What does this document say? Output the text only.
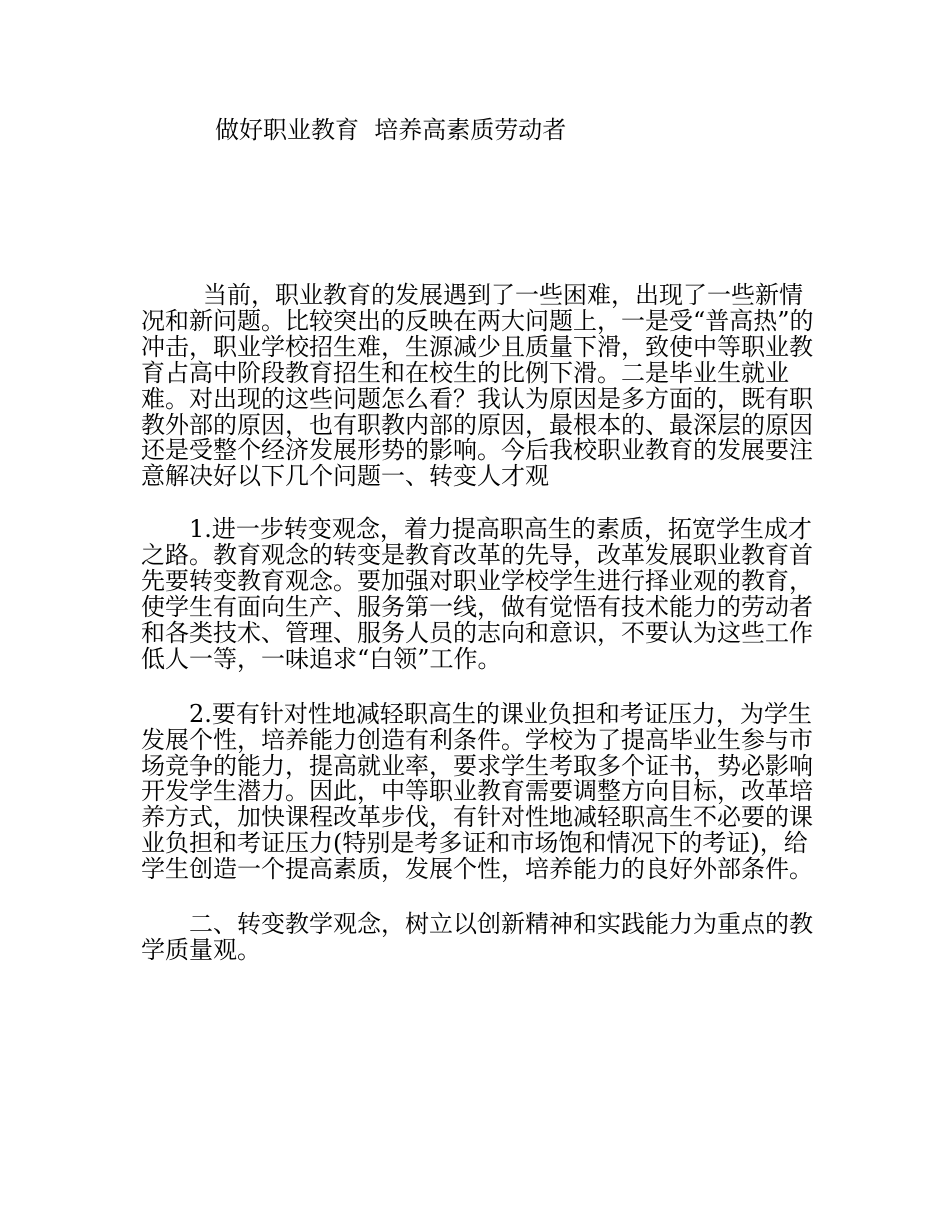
做好职业教育  培养高素质劳动者

当前，职业教育的发展遇到了一些困难，出现了一些新情况和新问题。比较突出的反映在两大问题上，一是受“普高热”的冲击，职业学校招生难，生源减少且质量下滑，致使中等职业教育占高中阶段教育招生和在校生的比例下滑。二是毕业生就业难。对出现的这些问题怎么看？我认为原因是多方面的，既有职教外部的原因，也有职教内部的原因，最根本的、最深层的原因还是受整个经济发展形势的影响。今后我校职业教育的发展要注意解决好以下几个问题一、转变人才观

1.进一步转变观念，着力提高职高生的素质，拓宽学生成才之路。教育观念的转变是教育改革的先导，改革发展职业教育首先要转变教育观念。要加强对职业学校学生进行择业观的教育，使学生有面向生产、服务第一线，做有觉悟有技术能力的劳动者和各类技术、管理、服务人员的志向和意识，不要认为这些工作低人一等，一味追求“白领”工作。

2.要有针对性地减轻职高生的课业负担和考证压力，为学生发展个性，培养能力创造有利条件。学校为了提高毕业生参与市场竞争的能力，提高就业率，要求学生考取多个证书，势必影响开发学生潜力。因此，中等职业教育需要调整方向目标，改革培养方式，加快课程改革步伐，有针对性地减轻职高生不必要的课业负担和考证压力(特别是考多证和市场饱和情况下的考证)，给学生创造一个提高素质，发展个性，培养能力的良好外部条件。

二、转变教学观念，树立以创新精神和实践能力为重点的教学质量观。
